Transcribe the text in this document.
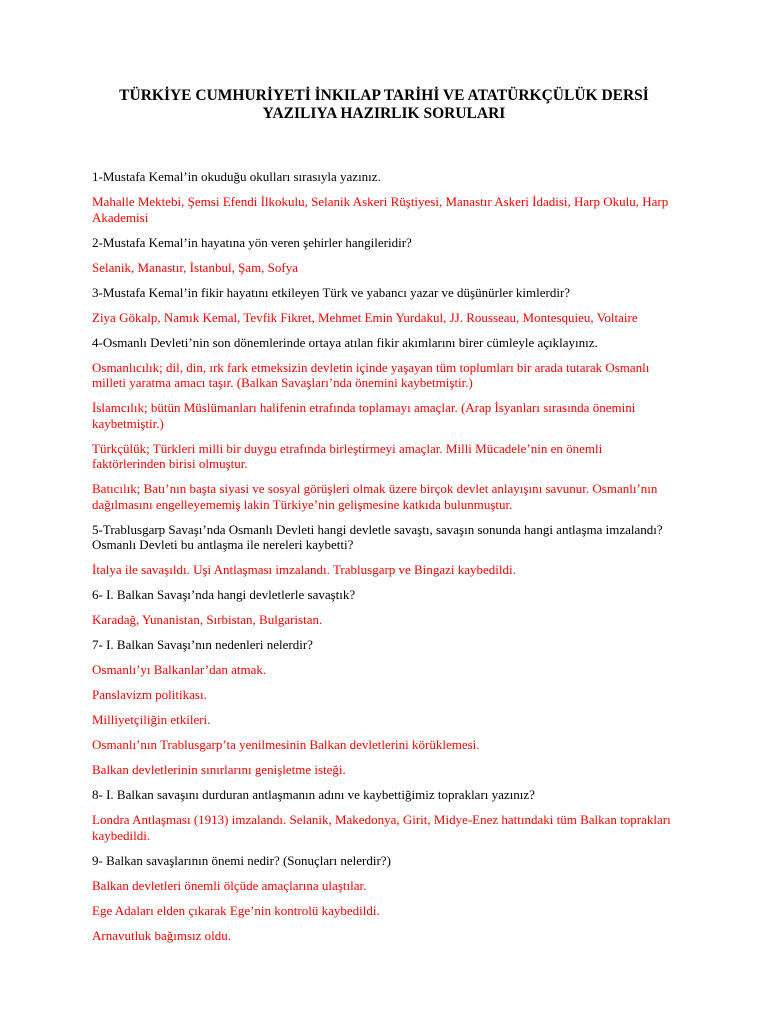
TÜRKİYE CUMHURİYETİ İNKILAP TARİHİ VE ATATÜRKÇÜLÜK DERSİ
YAZILIYA HAZIRLIK SORULARI

1-Mustafa Kemal’in okuduğu okulları sırasıyla yazınız.

Mahalle Mektebi, Şemsi Efendi İlkokulu, Selanik Askeri Rüştiyesi, Manastır Askeri İdadisi, Harp Okulu, Harp Akademisi

2-Mustafa Kemal’in hayatına yön veren şehirler hangileridir?

Selanik, Manastır, İstanbul, Şam, Sofya

3-Mustafa Kemal’in fikir hayatını etkileyen Türk ve yabancı yazar ve düşünürler kimlerdir?

Ziya Gökalp, Namık Kemal, Tevfik Fikret, Mehmet Emin Yurdakul, JJ. Rousseau, Montesquieu, Voltaire

4-Osmanlı Devleti’nin son dönemlerinde ortaya atılan fikir akımlarını birer cümleyle açıklayınız.

Osmanlıcılık; dil, din, ırk fark etmeksizin devletin içinde yaşayan tüm toplumları bir arada tutarak Osmanlı milleti yaratma amacı taşır. (Balkan Savaşları’nda önemini kaybetmiştir.)

İslamcılık; bütün Müslümanları halifenin etrafında toplamayı amaçlar. (Arap İsyanları sırasında önemini kaybetmiştir.)

Türkçülük; Türkleri milli bir duygu etrafında birleştirmeyi amaçlar. Milli Mücadele’nin en önemli faktörlerinden birisi olmuştur.

Batıcılık; Batı’nın başta siyasi ve sosyal görüşleri olmak üzere birçok devlet anlayışını savunur. Osmanlı’nın dağılmasını engelleyememiş lakin Türkiye’nin gelişmesine katkıda bulunmuştur.

5-Trablusgarp Savaşı’nda Osmanlı Devleti hangi devletle savaştı, savaşın sonunda hangi antlaşma imzalandı? Osmanlı Devleti bu antlaşma ile nereleri kaybetti?

İtalya ile savaşıldı. Uşi Antlaşması imzalandı. Trablusgarp ve Bingazi kaybedildi.

6- I. Balkan Savaşı’nda hangi devletlerle savaştık?

Karadağ, Yunanistan, Sırbistan, Bulgaristan.

7- I. Balkan Savaşı’nın nedenleri nelerdir?

Osmanlı’yı Balkanlar’dan atmak.

Panslavizm politikası.

Milliyetçiliğin etkileri.

Osmanlı’nın Trablusgarp’ta yenilmesinin Balkan devletlerini körüklemesi.

Balkan devletlerinin sınırlarını genişletme isteği.

8- I. Balkan savaşını durduran antlaşmanın adını ve kaybettiğimiz toprakları yazınız?

Londra Antlaşması (1913) imzalandı. Selanik, Makedonya, Girit, Midye-Enez hattındaki tüm Balkan toprakları kaybedildi.

9- Balkan savaşlarının önemi nedir? (Sonuçları nelerdir?)

Balkan devletleri önemli ölçüde amaçlarına ulaştılar.

Ege Adaları elden çıkarak Ege’nin kontrolü kaybedildi.

Arnavutluk bağımsız oldu.
